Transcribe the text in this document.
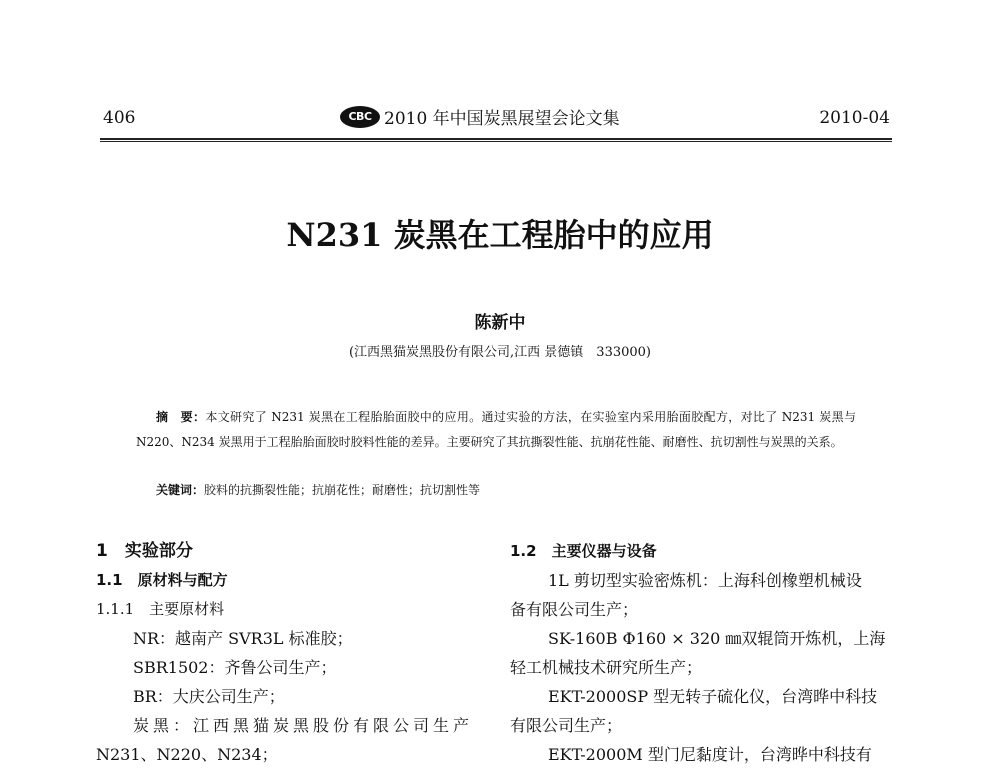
406	CBC 2010 年中国炭黑展望会论文集	2010-04
N231 炭黑在工程胎中的应用
陈新中
(江西黑猫炭黑股份有限公司,江西 景德镇　333000)
摘　要：本文研究了 N231 炭黑在工程胎胎面胶中的应用。通过实验的方法，在实验室内采用胎面胶配方，对比了 N231 炭黑与 N220、N234 炭黑用于工程胎胎面胶时胶料性能的差异。主要研究了其抗撕裂性能、抗崩花性能、耐磨性、抗切割性与炭黑的关系。
关键词：胶料的抗撕裂性能；抗崩花性；耐磨性；抗切割性等
1　实验部分
1.1　原材料与配方
1.1.1　主要原材料
NR：越南产 SVR3L 标准胶；
SBR1502：齐鲁公司生产；
BR：大庆公司生产；
炭黑：江西黑猫炭黑股份有限公司生产
N231、N220、N234；
1.2　主要仪器与设备
1L 剪切型实验密炼机：上海科创橡塑机械设
备有限公司生产；
SK-160B Φ160 × 320 ㎜双辊筒开炼机，上海
轻工机械技术研究所生产；
EKT-2000SP 型无转子硫化仪，台湾晔中科技
有限公司生产；
EKT-2000M 型门尼黏度计，台湾晔中科技有
